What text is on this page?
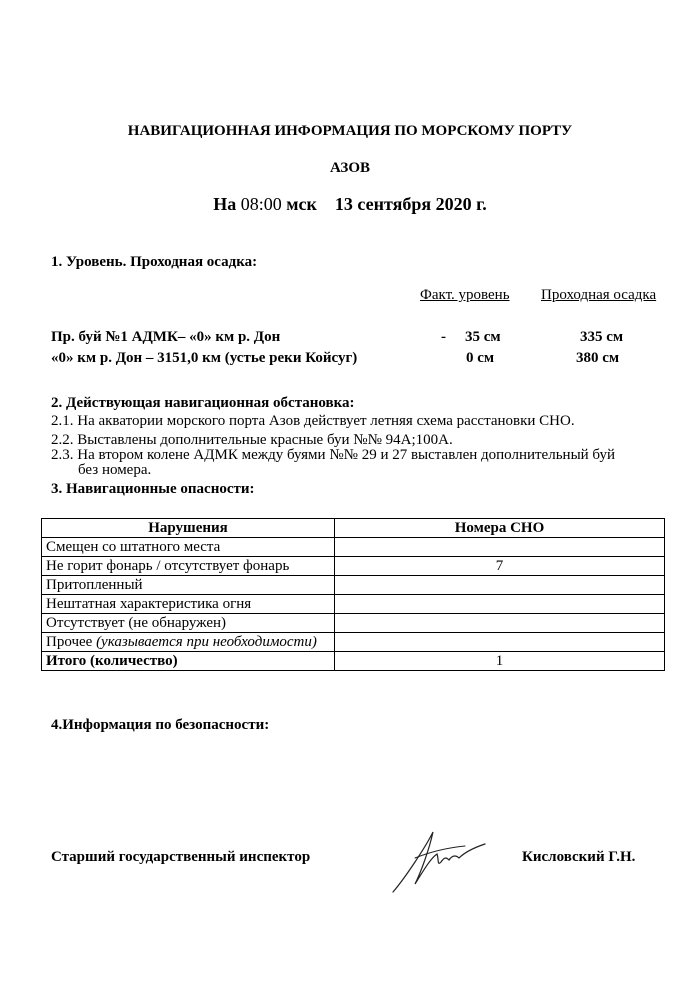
НАВИГАЦИОННАЯ ИНФОРМАЦИЯ ПО МОРСКОМУ ПОРТУ
АЗОВ
На 08:00 мск 13 сентября 2020 г.
1. Уровень. Проходная осадка:
Факт. уровень Проходная осадка
Пр. буй №1 АДМК– «0» км р. Дон	- 35 см	335 см
«0» км р. Дон – 3151,0 км (устье реки Койсуг)	0 см	380 см
2. Действующая навигационная обстановка:
2.1. На акватории морского порта Азов действует летняя схема расстановки СНО.
2.2. Выставлены дополнительные красные буи №№ 94А;100А.
2.3. На втором колене АДМК между буями №№ 29 и 27 выставлен дополнительный буй
без номера.
3. Навигационные опасности:
Нарушения	Номера СНО
Смещен со штатного места	
Не горит фонарь / отсутствует фонарь	7
Притопленный	
Нештатная характеристика огня	
Отсутствует (не обнаружен)	
Прочее (указывается при необходимости)	
Итого (количество)	1
4.Информация по безопасности:
Старший государственный инспектор	Кисловский Г.Н.
